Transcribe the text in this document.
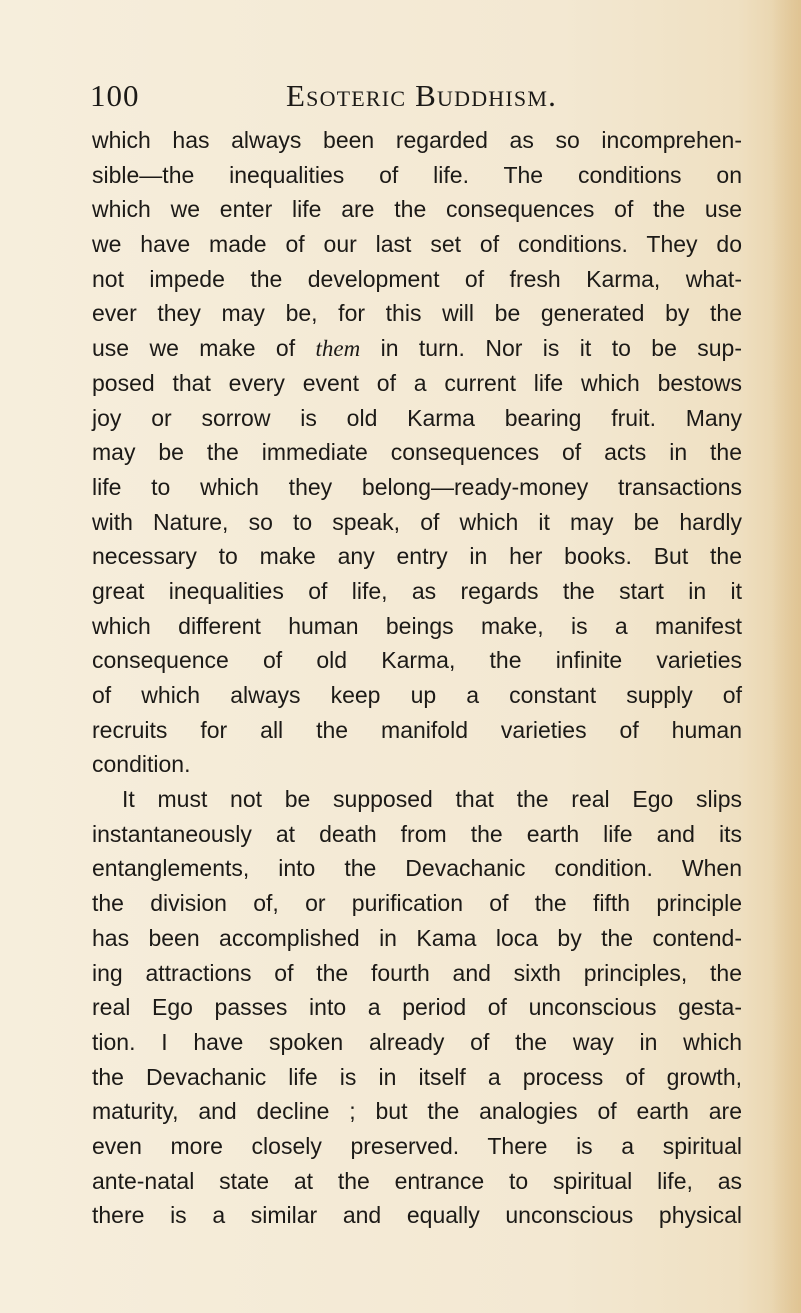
100	Esoteric Buddhism.
which has always been regarded as so incomprehen-
sible—the inequalities of life. The conditions on
which we enter life are the consequences of the use
we have made of our last set of conditions. They do
not impede the development of fresh Karma, what-
ever they may be, for this will be generated by the
use we make of them in turn. Nor is it to be sup-
posed that every event of a current life which bestows
joy or sorrow is old Karma bearing fruit. Many
may be the immediate consequences of acts in the
life to which they belong—ready-money transactions
with Nature, so to speak, of which it may be hardly
necessary to make any entry in her books. But the
great inequalities of life, as regards the start in it
which different human beings make, is a manifest
consequence of old Karma, the infinite varieties
of which always keep up a constant supply of
recruits for all the manifold varieties of human
condition.
It must not be supposed that the real Ego slips
instantaneously at death from the earth life and its
entanglements, into the Devachanic condition. When
the division of, or purification of the fifth principle
has been accomplished in Kama loca by the contend-
ing attractions of the fourth and sixth principles, the
real Ego passes into a period of unconscious gesta-
tion. I have spoken already of the way in which
the Devachanic life is in itself a process of growth,
maturity, and decline ; but the analogies of earth are
even more closely preserved. There is a spiritual
ante-natal state at the entrance to spiritual life, as
there is a similar and equally unconscious physical
